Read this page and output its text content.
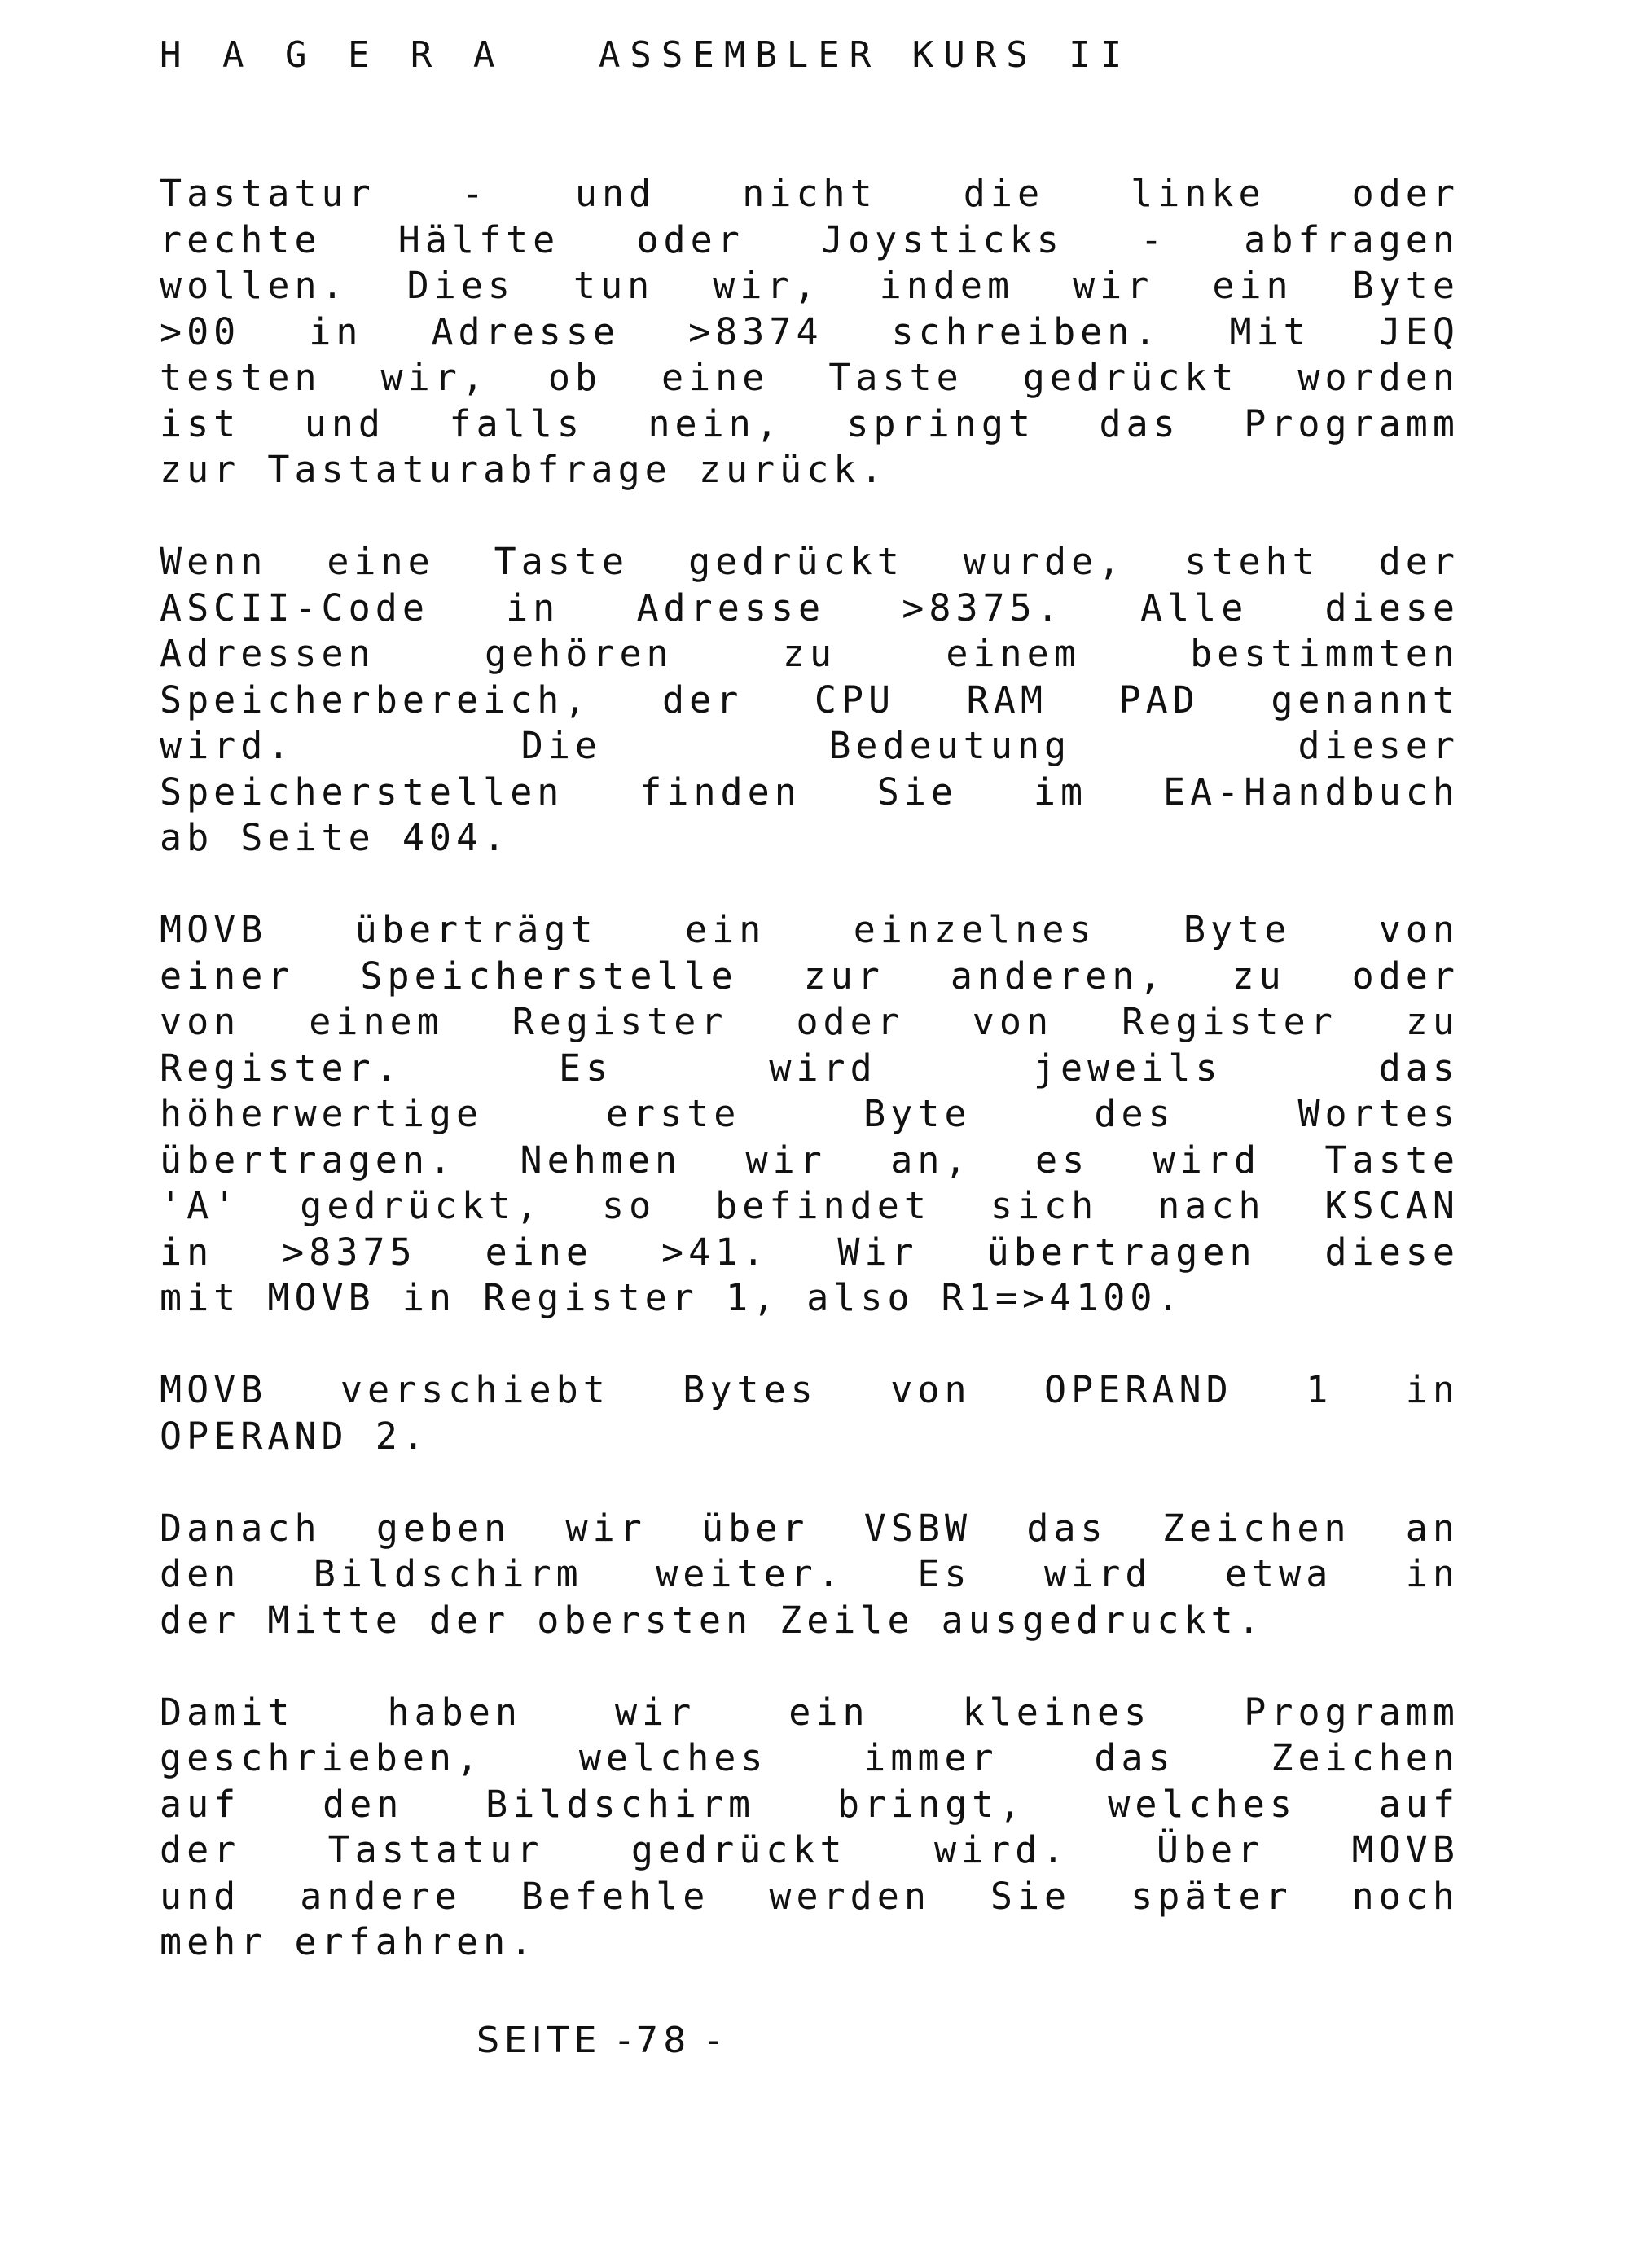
H A G E R A   ASSEMBLER KURS II
Tastatur - und nicht die linke oder
rechte Hälfte oder Joysticks - abfragen
wollen. Dies tun wir, indem wir ein Byte
>00 in Adresse >8374 schreiben. Mit JEQ
testen wir, ob eine Taste gedrückt worden
ist und falls nein, springt das Programm
zur Tastaturabfrage zurück.
Wenn eine Taste gedrückt wurde, steht der
ASCII-Code in Adresse >8375. Alle diese
Adressen gehören zu einem bestimmten
Speicherbereich, der CPU RAM PAD genannt
wird. Die Bedeutung dieser
Speicherstellen finden Sie im EA-Handbuch
ab Seite 404.
MOVB überträgt ein einzelnes Byte von
einer Speicherstelle zur anderen, zu oder
von einem Register oder von Register zu
Register. Es wird jeweils das
höherwertige erste Byte des Wortes
übertragen. Nehmen wir an, es wird Taste
'A' gedrückt, so befindet sich nach KSCAN
in >8375 eine >41. Wir übertragen diese
mit MOVB in Register 1, also R1=>4100.
MOVB verschiebt Bytes von OPERAND 1 in
OPERAND 2.
Danach geben wir über VSBW das Zeichen an
den Bildschirm weiter. Es wird etwa in
der Mitte der obersten Zeile ausgedruckt.
Damit haben wir ein kleines Programm
geschrieben, welches immer das Zeichen
auf den Bildschirm bringt, welches auf
der Tastatur gedrückt wird. Über MOVB
und andere Befehle werden Sie später noch
mehr erfahren.
SEITE -78 -
